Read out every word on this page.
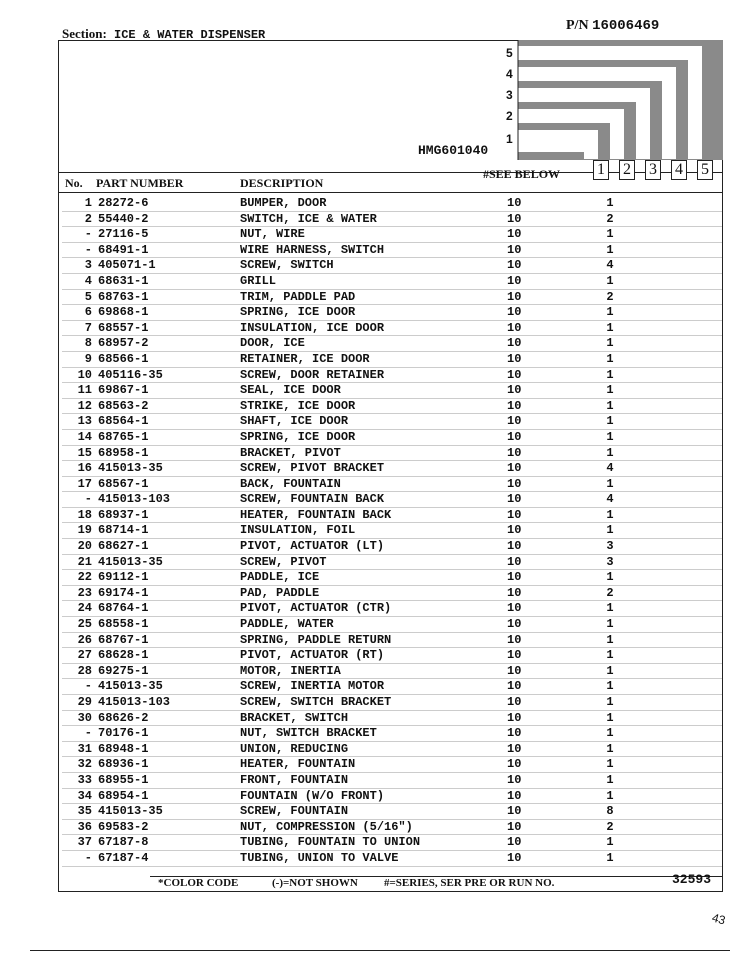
Section: ICE & WATER DISPENSER
P/N 16006469
5
4
3
2
1
HMG601040
No. PART NUMBER	DESCRIPTION
#SEE BELOW 1 2 3 4 5
1 28272-6	BUMPER, DOOR	10	1
2 55440-2	SWITCH, ICE & WATER	10	2
- 27116-5	NUT, WIRE	10	1
- 68491-1	WIRE HARNESS, SWITCH	10	1
3 405071-1	SCREW, SWITCH	10	4
4 68631-1	GRILL	10	1
5 68763-1	TRIM, PADDLE PAD	10	2
6 69868-1	SPRING, ICE DOOR	10	1
7 68557-1	INSULATION, ICE DOOR	10	1
8 68957-2	DOOR, ICE	10	1
9 68566-1	RETAINER, ICE DOOR	10	1
10 405116-35	SCREW, DOOR RETAINER	10	1
11 69867-1	SEAL, ICE DOOR	10	1
12 68563-2	STRIKE, ICE DOOR	10	1
13 68564-1	SHAFT, ICE DOOR	10	1
14 68765-1	SPRING, ICE DOOR	10	1
15 68958-1	BRACKET, PIVOT	10	1
16 415013-35	SCREW, PIVOT BRACKET	10	4
17 68567-1	BACK, FOUNTAIN	10	1
- 415013-103	SCREW, FOUNTAIN BACK	10	4
18 68937-1	HEATER, FOUNTAIN BACK	10	1
19 68714-1	INSULATION, FOIL	10	1
20 68627-1	PIVOT, ACTUATOR (LT)	10	3
21 415013-35	SCREW, PIVOT	10	3
22 69112-1	PADDLE, ICE	10	1
23 69174-1	PAD, PADDLE	10	2
24 68764-1	PIVOT, ACTUATOR (CTR)	10	1
25 68558-1	PADDLE, WATER	10	1
26 68767-1	SPRING, PADDLE RETURN	10	1
27 68628-1	PIVOT, ACTUATOR (RT)	10	1
28 69275-1	MOTOR, INERTIA	10	1
- 415013-35	SCREW, INERTIA MOTOR	10	1
29 415013-103	SCREW, SWITCH BRACKET	10	1
30 68626-2	BRACKET, SWITCH	10	1
- 70176-1	NUT, SWITCH BRACKET	10	1
31 68948-1	UNION, REDUCING	10	1
32 68936-1	HEATER, FOUNTAIN	10	1
33 68955-1	FRONT, FOUNTAIN	10	1
34 68954-1	FOUNTAIN (W/O FRONT)	10	1
35 415013-35	SCREW, FOUNTAIN	10	8
36 69583-2	NUT, COMPRESSION (5/16")	10	2
37 67187-8	TUBING, FOUNTAIN TO UNION	10	1
- 67187-4	TUBING, UNION TO VALVE	10	1
*COLOR CODE	(-)=NOT SHOWN #=SERIES, SER PRE OR RUN NO.	32593
43
